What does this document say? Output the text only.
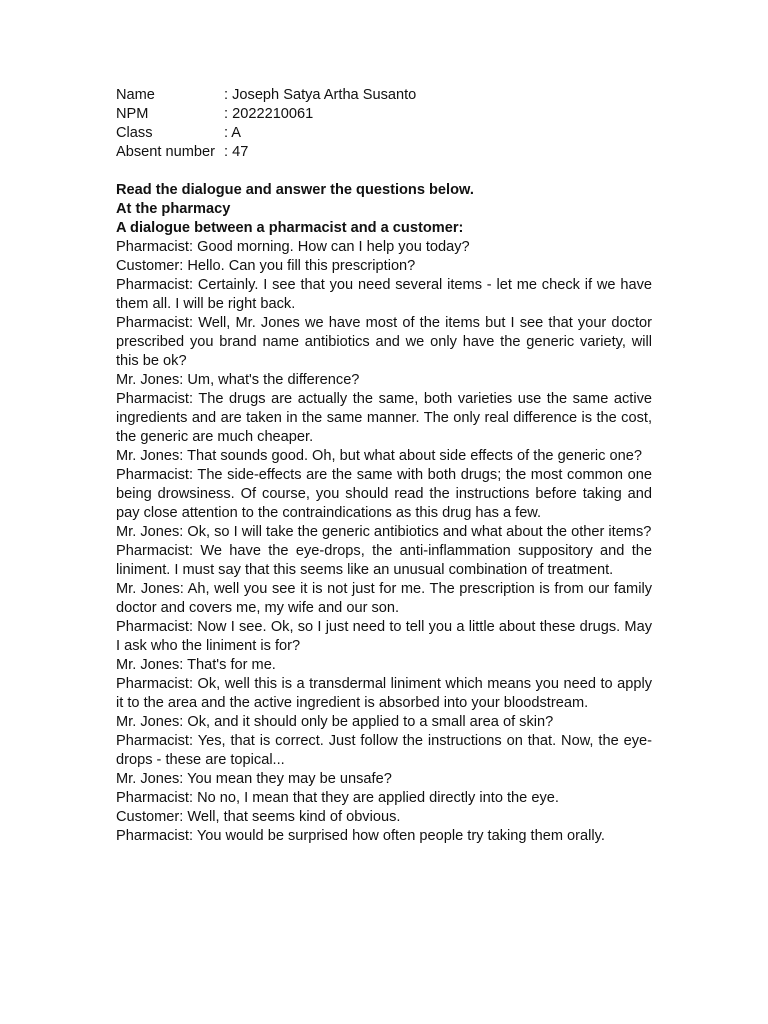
Name	: Joseph Satya Artha Susanto
NPM	: 2022210061
Class	: A
Absent number : 47
Read the dialogue and answer the questions below.
At the pharmacy
A dialogue between a pharmacist and a customer:

Pharmacist: Good morning. How can I help you today?

Customer: Hello. Can you fill this prescription?

Pharmacist: Certainly. I see that you need several items - let me check if we have them all. I will be right back.

Pharmacist: Well, Mr. Jones we have most of the items but I see that your doctor prescribed you brand name antibiotics and we only have the generic variety, will this be ok?

Mr. Jones: Um, what's the difference?

Pharmacist: The drugs are actually the same, both varieties use the same active ingredients and are taken in the same manner. The only real difference is the cost, the generic are much cheaper.

Mr. Jones: That sounds good. Oh, but what about side effects of the generic one?

Pharmacist: The side-effects are the same with both drugs; the most common one being drowsiness. Of course, you should read the instructions before taking and pay close attention to the contraindications as this drug has a few.

Mr. Jones: Ok, so I will take the generic antibiotics and what about the other items?

Pharmacist: We have the eye-drops, the anti-inflammation suppository and the liniment. I must say that this seems like an unusual combination of treatment.

Mr. Jones: Ah, well you see it is not just for me. The prescription is from our family doctor and covers me, my wife and our son.

Pharmacist: Now I see. Ok, so I just need to tell you a little about these drugs. May I ask who the liniment is for?

Mr. Jones: That's for me.

Pharmacist: Ok, well this is a transdermal liniment which means you need to apply it to the area and the active ingredient is absorbed into your bloodstream.

Mr. Jones: Ok, and it should only be applied to a small area of skin?

Pharmacist: Yes, that is correct. Just follow the instructions on that. Now, the eye-drops - these are topical...

Mr. Jones: You mean they may be unsafe?

Pharmacist: No no, I mean that they are applied directly into the eye.

Customer: Well, that seems kind of obvious.

Pharmacist: You would be surprised how often people try taking them orally.
